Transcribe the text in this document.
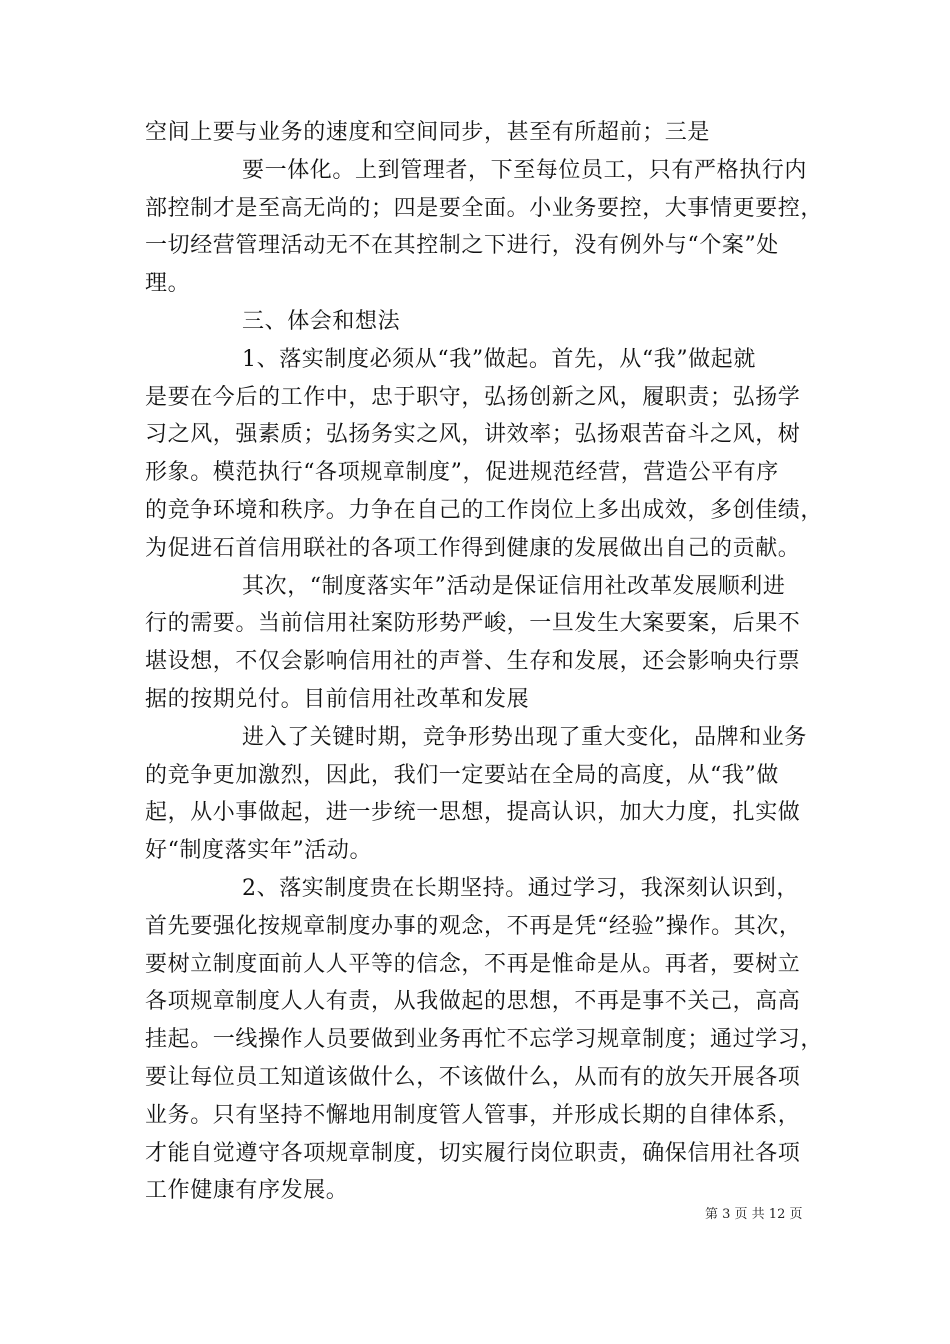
空间上要与业务的速度和空间同步，甚至有所超前；三是
要一体化。上到管理者，下至每位员工，只有严格执行内
部控制才是至高无尚的；四是要全面。小业务要控，大事情更要控，
一切经营管理活动无不在其控制之下进行，没有例外与“个案”处
理。
三、体会和想法
1、落实制度必须从“我”做起。首先，从“我”做起就
是要在今后的工作中，忠于职守，弘扬创新之风，履职责；弘扬学
习之风，强素质；弘扬务实之风，讲效率；弘扬艰苦奋斗之风，树
形象。模范执行“各项规章制度”，促进规范经营，营造公平有序
的竞争环境和秩序。力争在自己的工作岗位上多出成效，多创佳绩，
为促进石首信用联社的各项工作得到健康的发展做出自己的贡献。
其次，“制度落实年”活动是保证信用社改革发展顺利进
行的需要。当前信用社案防形势严峻，一旦发生大案要案，后果不
堪设想，不仅会影响信用社的声誉、生存和发展，还会影响央行票
据的按期兑付。目前信用社改革和发展
进入了关键时期，竞争形势出现了重大变化，品牌和业务
的竞争更加激烈，因此，我们一定要站在全局的高度，从“我”做
起，从小事做起，进一步统一思想，提高认识，加大力度，扎实做
好“制度落实年”活动。
2、落实制度贵在长期坚持。通过学习，我深刻认识到，
首先要强化按规章制度办事的观念，不再是凭“经验”操作。其次，
要树立制度面前人人平等的信念，不再是惟命是从。再者，要树立
各项规章制度人人有责，从我做起的思想，不再是事不关己，高高
挂起。一线操作人员要做到业务再忙不忘学习规章制度；通过学习，
要让每位员工知道该做什么，不该做什么，从而有的放矢开展各项
业务。只有坚持不懈地用制度管人管事，并形成长期的自律体系，
才能自觉遵守各项规章制度，切实履行岗位职责，确保信用社各项
工作健康有序发展。
第 3 页 共 12 页
